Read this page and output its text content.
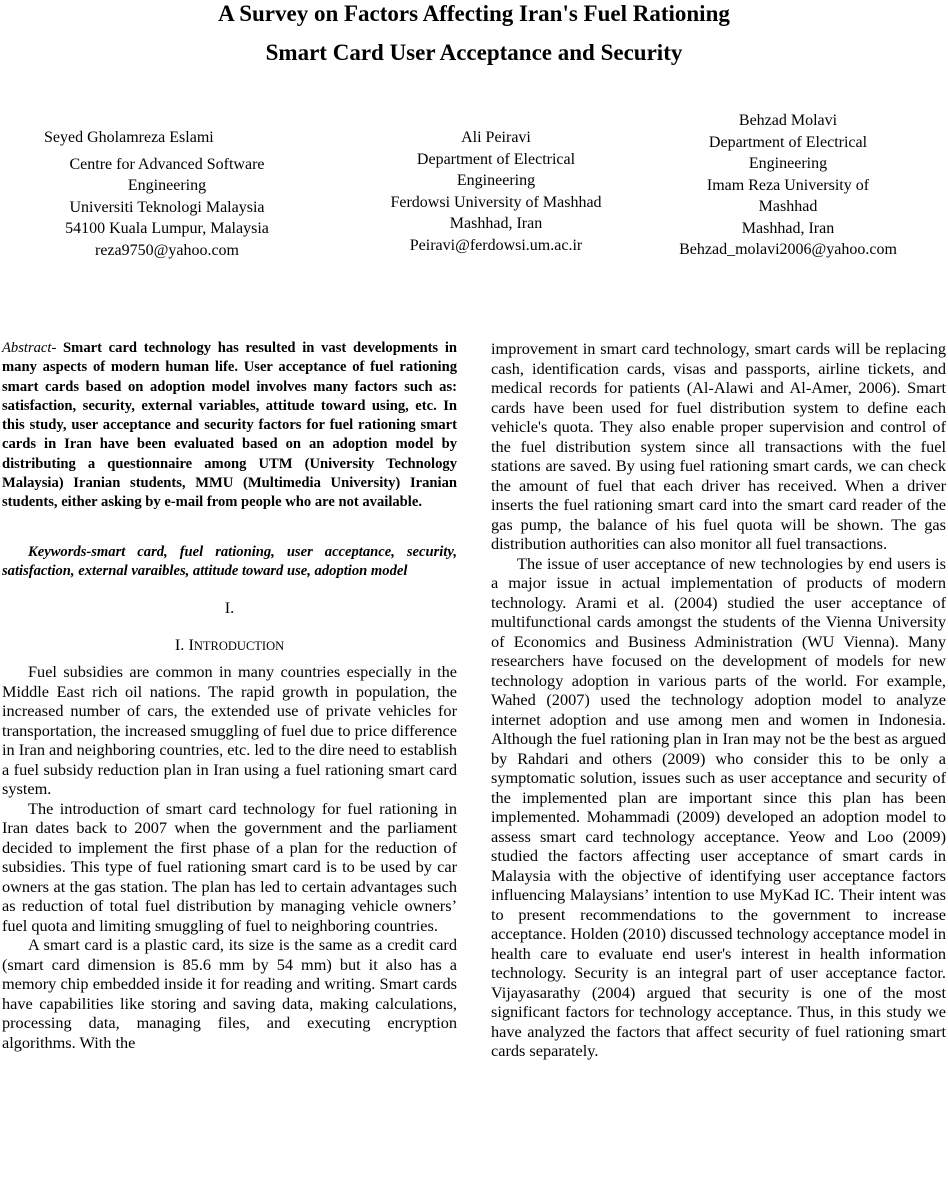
A Survey on Factors Affecting Iran's Fuel Rationing
Smart Card User Acceptance and Security
Seyed Gholamreza Eslami
Centre for Advanced Software
Engineering
Universiti Teknologi Malaysia
54100 Kuala Lumpur, Malaysia
reza9750@yahoo.com
Ali Peiravi
Department of Electrical
Engineering
Ferdowsi University of Mashhad
Mashhad, Iran
Peiravi@ferdowsi.um.ac.ir
Behzad Molavi
Department of Electrical
Engineering
Imam Reza University of
Mashhad
Mashhad, Iran
Behzad_molavi2006@yahoo.com

Abstract- Smart card technology has resulted in vast developments in many aspects of modern human life. User acceptance of fuel rationing smart cards based on adoption model involves many factors such as: satisfaction, security, external variables, attitude toward using, etc. In this study, user acceptance and security factors for fuel rationing smart cards in Iran have been evaluated based on an adoption model by distributing a questionnaire among UTM (University Technology Malaysia) Iranian students, MMU (Multimedia University) Iranian students, either asking by e-mail from people who are not available.

Keywords-smart card, fuel rationing, user acceptance, security, satisfaction, external varaibles, attitude toward use, adoption model

I.

I. INTRODUCTION

Fuel subsidies are common in many countries especially in the Middle East rich oil nations. The rapid growth in population, the increased number of cars, the extended use of private vehicles for transportation, the increased smuggling of fuel due to price difference in Iran and neighboring countries, etc. led to the dire need to establish a fuel subsidy reduction plan in Iran using a fuel rationing smart card system.

The introduction of smart card technology for fuel rationing in Iran dates back to 2007 when the government and the parliament decided to implement the first phase of a plan for the reduction of subsidies. This type of fuel rationing smart card is to be used by car owners at the gas station. The plan has led to certain advantages such as reduction of total fuel distribution by managing vehicle owners’ fuel quota and limiting smuggling of fuel to neighboring countries.

A smart card is a plastic card, its size is the same as a credit card (smart card dimension is 85.6 mm by 54 mm) but it also has a memory chip embedded inside it for reading and writing. Smart cards have capabilities like storing and saving data, making calculations, processing data, managing files, and executing encryption algorithms. With the

improvement in smart card technology, smart cards will be replacing cash, identification cards, visas and passports, airline tickets, and medical records for patients (Al-Alawi and Al-Amer, 2006). Smart cards have been used for fuel distribution system to define each vehicle's quota. They also enable proper supervision and control of the fuel distribution system since all transactions with the fuel stations are saved. By using fuel rationing smart cards, we can check the amount of fuel that each driver has received. When a driver inserts the fuel rationing smart card into the smart card reader of the gas pump, the balance of his fuel quota will be shown. The gas distribution authorities can also monitor all fuel transactions.

The issue of user acceptance of new technologies by end users is a major issue in actual implementation of products of modern technology. Arami et al. (2004) studied the user acceptance of multifunctional cards amongst the students of the Vienna University of Economics and Business Administration (WU Vienna). Many researchers have focused on the development of models for new technology adoption in various parts of the world. For example, Wahed (2007) used the technology adoption model to analyze internet adoption and use among men and women in Indonesia. Although the fuel rationing plan in Iran may not be the best as argued by Rahdari and others (2009) who consider this to be only a symptomatic solution, issues such as user acceptance and security of the implemented plan are important since this plan has been implemented. Mohammadi (2009) developed an adoption model to assess smart card technology acceptance. Yeow and Loo (2009) studied the factors affecting user acceptance of smart cards in Malaysia with the objective of identifying user acceptance factors influencing Malaysians’ intention to use MyKad IC. Their intent was to present recommendations to the government to increase acceptance. Holden (2010) discussed technology acceptance model in health care to evaluate end user's interest in health information technology. Security is an integral part of user acceptance factor. Vijayasarathy (2004) argued that security is one of the most significant factors for technology acceptance. Thus, in this study we have analyzed the factors that affect security of fuel rationing smart cards separately.
